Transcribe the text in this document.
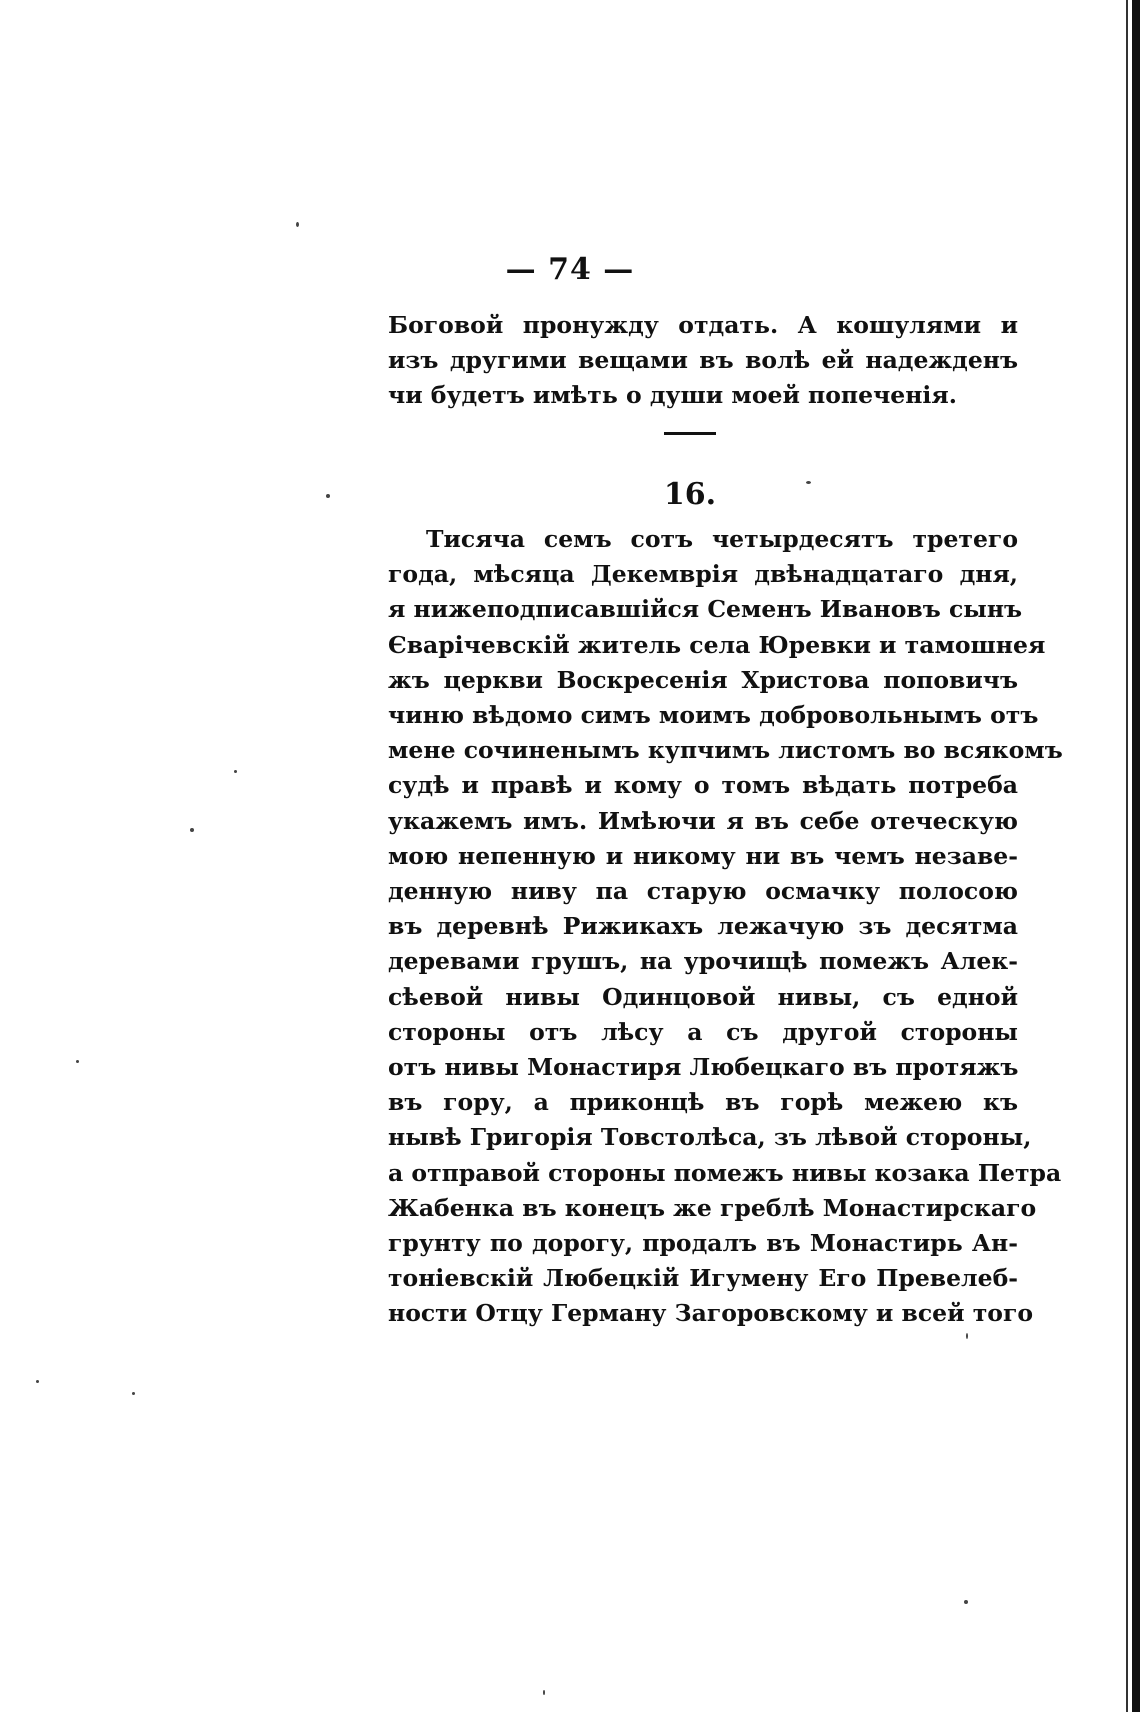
— 74 —
Боговой пронужду отдать. А кошулями и
изъ другими вещами въ волѣ ей надежденъ
чи будетъ имѣть о души моей попеченія.
16.
Тисяча семъ сотъ четырдесятъ третего
года, мѣсяца Декемврія двѣнадцатаго дня,
я нижеподписавшійся Семенъ Ивановъ сынъ
Єварічевскій житель села Юревки и тамошнея
жъ церкви Воскресенія Христова поповичъ
чиню вѣдомо симъ моимъ добровольнымъ отъ
мене сочиненымъ купчимъ листомъ во всякомъ
судѣ и правѣ и кому о томъ вѣдать потреба
укажемъ имъ. Имѣючи я въ себе отеческую
мою непенную и никому ни въ чемъ незаве-
денную ниву па старую осмачку полосою
въ деревнѣ Рижикахъ лежачую зъ десятма
деревами грушъ, на урочищѣ помежъ Алек-
сѣевой нивы Одинцовой нивы, съ едной
стороны отъ лѣсу а съ другой стороны
отъ нивы Монастиря Любецкаго въ протяжъ
въ гору, а приконцѣ въ горѣ межею къ
нывѣ Григорія Товстолѣса, зъ лѣвой стороны,
а отправой стороны помежъ нивы козака Петра
Жабенка въ конецъ же греблѣ Монастирскаго
грунту по дорогу, продалъ въ Монастирь Ан-
тоніевскій Любецкій Игумену Его Превелеб-
ности Отцу Герману Загоровскому и всей того
